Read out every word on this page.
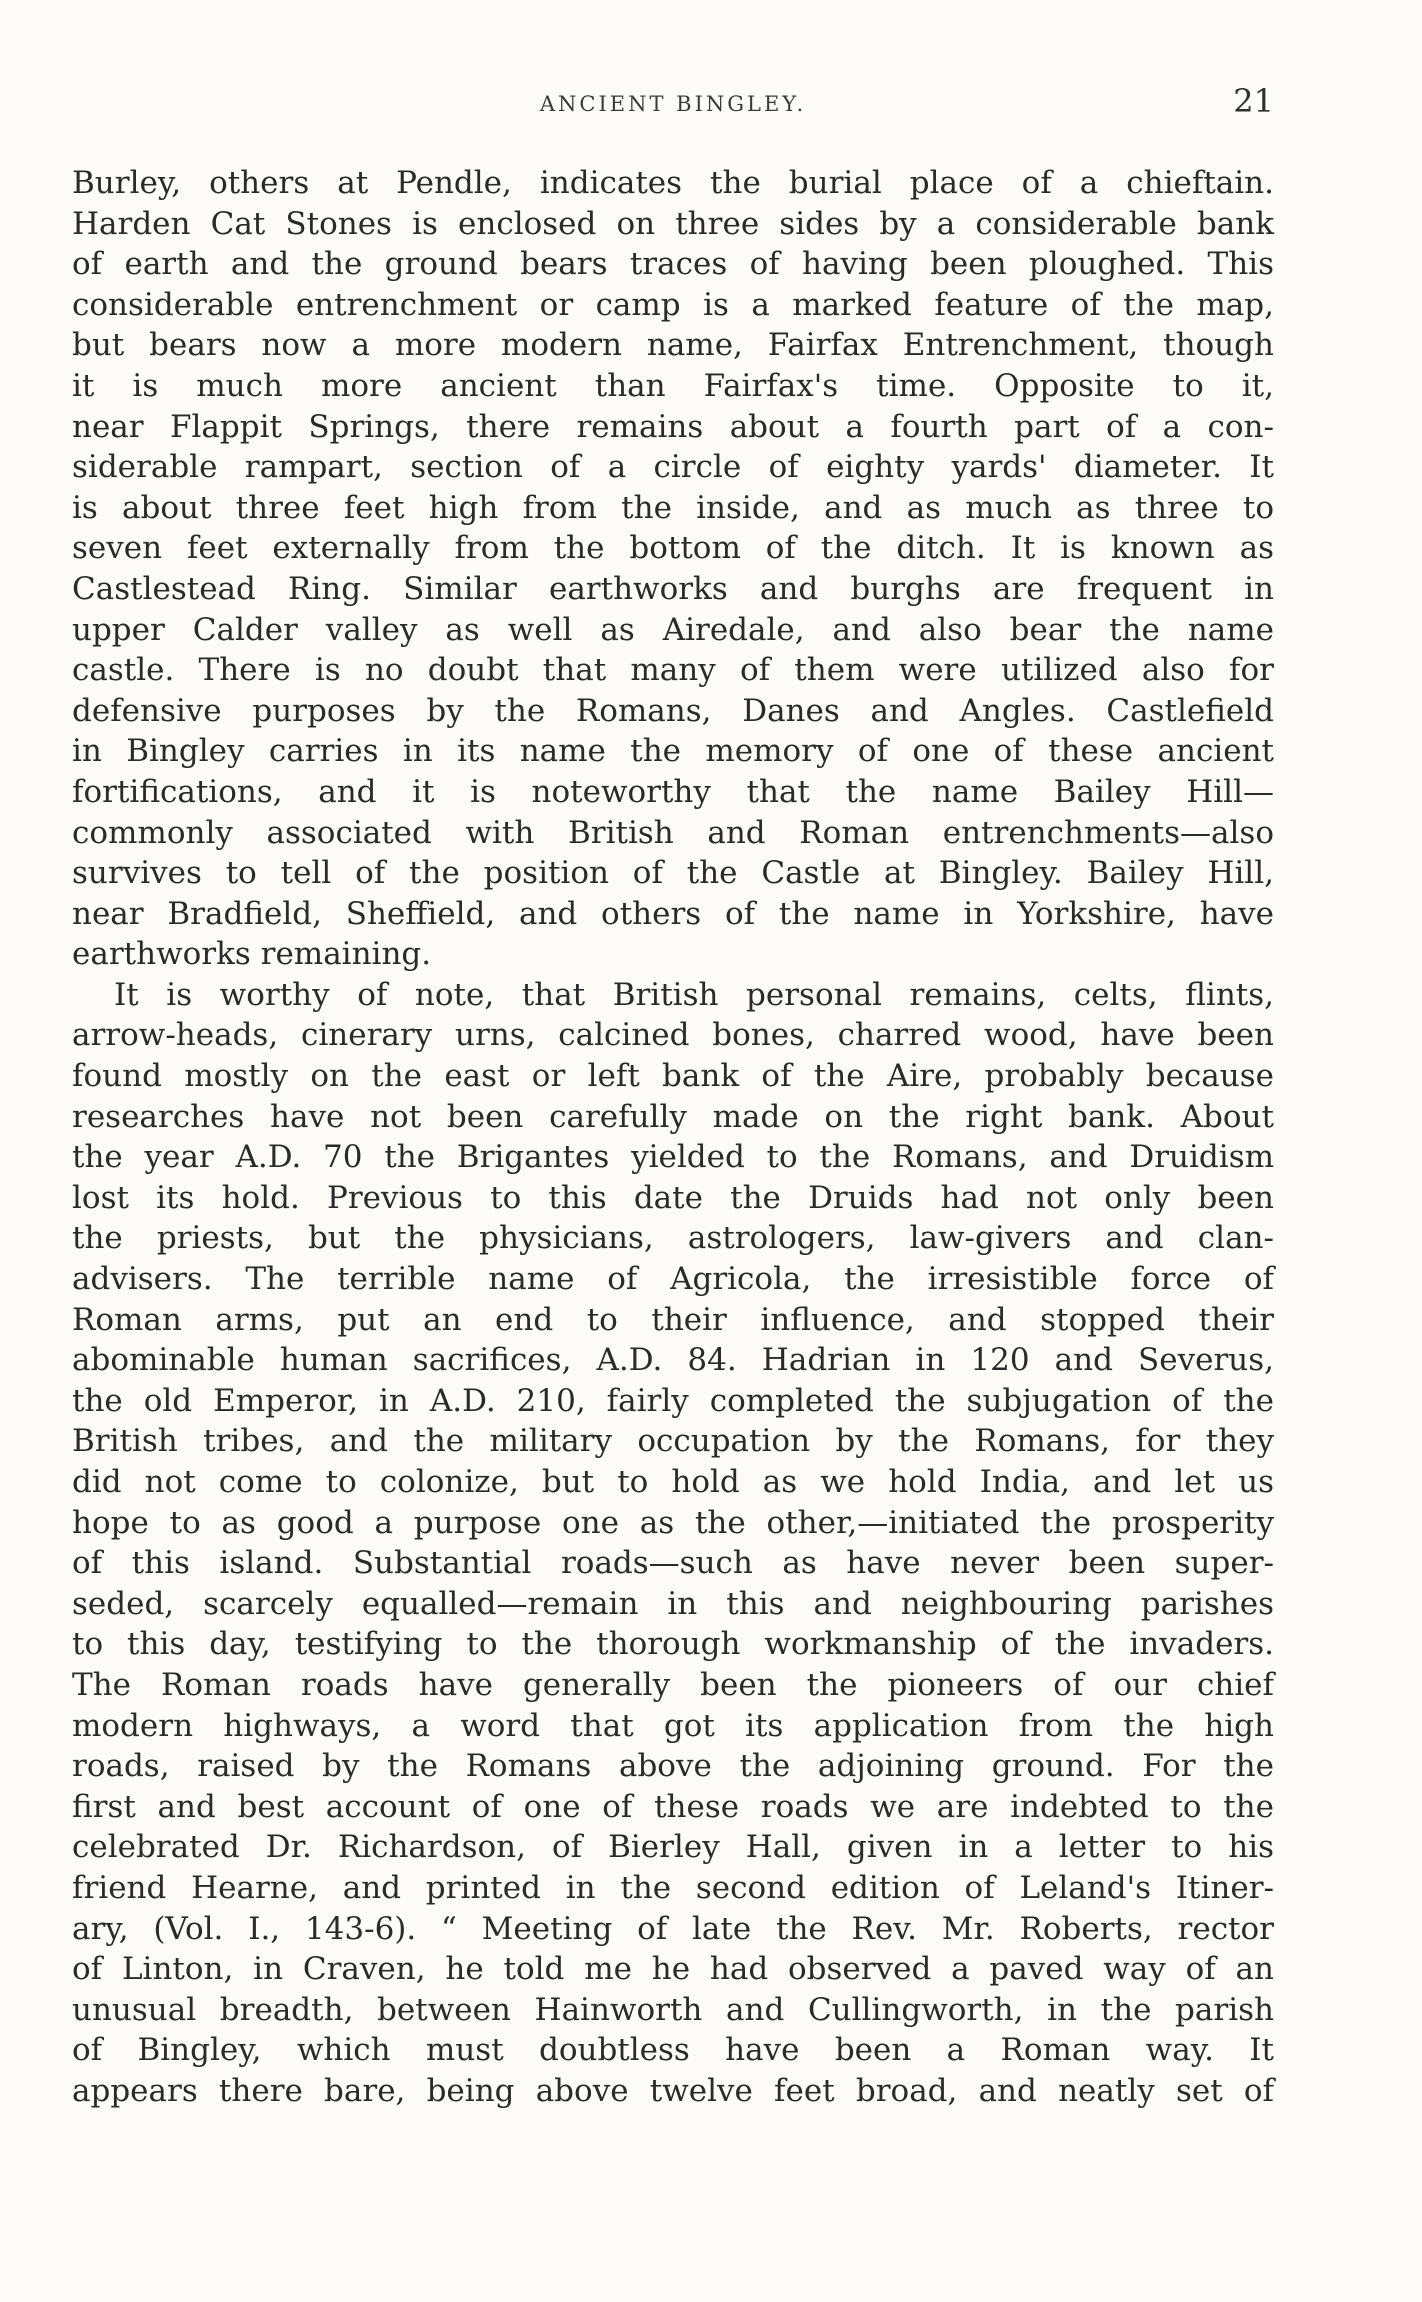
ANCIENT BINGLEY.	21
Burley, others at Pendle, indicates the burial place of a chieftain.
Harden Cat Stones is enclosed on three sides by a considerable bank
of earth and the ground bears traces of having been ploughed. This
considerable entrenchment or camp is a marked feature of the map,
but bears now a more modern name, Fairfax Entrenchment, though
it is much more ancient than Fairfax's time. Opposite to it,
near Flappit Springs, there remains about a fourth part of a con-
siderable rampart, section of a circle of eighty yards' diameter. It
is about three feet high from the inside, and as much as three to
seven feet externally from the bottom of the ditch. It is known as
Castlestead Ring. Similar earthworks and burghs are frequent in
upper Calder valley as well as Airedale, and also bear the name
castle. There is no doubt that many of them were utilized also for
defensive purposes by the Romans, Danes and Angles. Castlefield
in Bingley carries in its name the memory of one of these ancient
fortifications, and it is noteworthy that the name Bailey Hill—
commonly associated with British and Roman entrenchments—also
survives to tell of the position of the Castle at Bingley. Bailey Hill,
near Bradfield, Sheffield, and others of the name in Yorkshire, have
earthworks remaining.
It is worthy of note, that British personal remains, celts, flints,
arrow-heads, cinerary urns, calcined bones, charred wood, have been
found mostly on the east or left bank of the Aire, probably because
researches have not been carefully made on the right bank. About
the year A.D. 70 the Brigantes yielded to the Romans, and Druidism
lost its hold. Previous to this date the Druids had not only been
the priests, but the physicians, astrologers, law-givers and clan-
advisers. The terrible name of Agricola, the irresistible force of
Roman arms, put an end to their influence, and stopped their
abominable human sacrifices, A.D. 84. Hadrian in 120 and Severus,
the old Emperor, in A.D. 210, fairly completed the subjugation of the
British tribes, and the military occupation by the Romans, for they
did not come to colonize, but to hold as we hold India, and let us
hope to as good a purpose one as the other,—initiated the prosperity
of this island. Substantial roads—such as have never been super-
seded, scarcely equalled—remain in this and neighbouring parishes
to this day, testifying to the thorough workmanship of the invaders.
The Roman roads have generally been the pioneers of our chief
modern highways, a word that got its application from the high
roads, raised by the Romans above the adjoining ground. For the
first and best account of one of these roads we are indebted to the
celebrated Dr. Richardson, of Bierley Hall, given in a letter to his
friend Hearne, and printed in the second edition of Leland's Itiner-
ary, (Vol. I., 143-6). “ Meeting of late the Rev. Mr. Roberts, rector
of Linton, in Craven, he told me he had observed a paved way of an
unusual breadth, between Hainworth and Cullingworth, in the parish
of Bingley, which must doubtless have been a Roman way. It
appears there bare, being above twelve feet broad, and neatly set of
